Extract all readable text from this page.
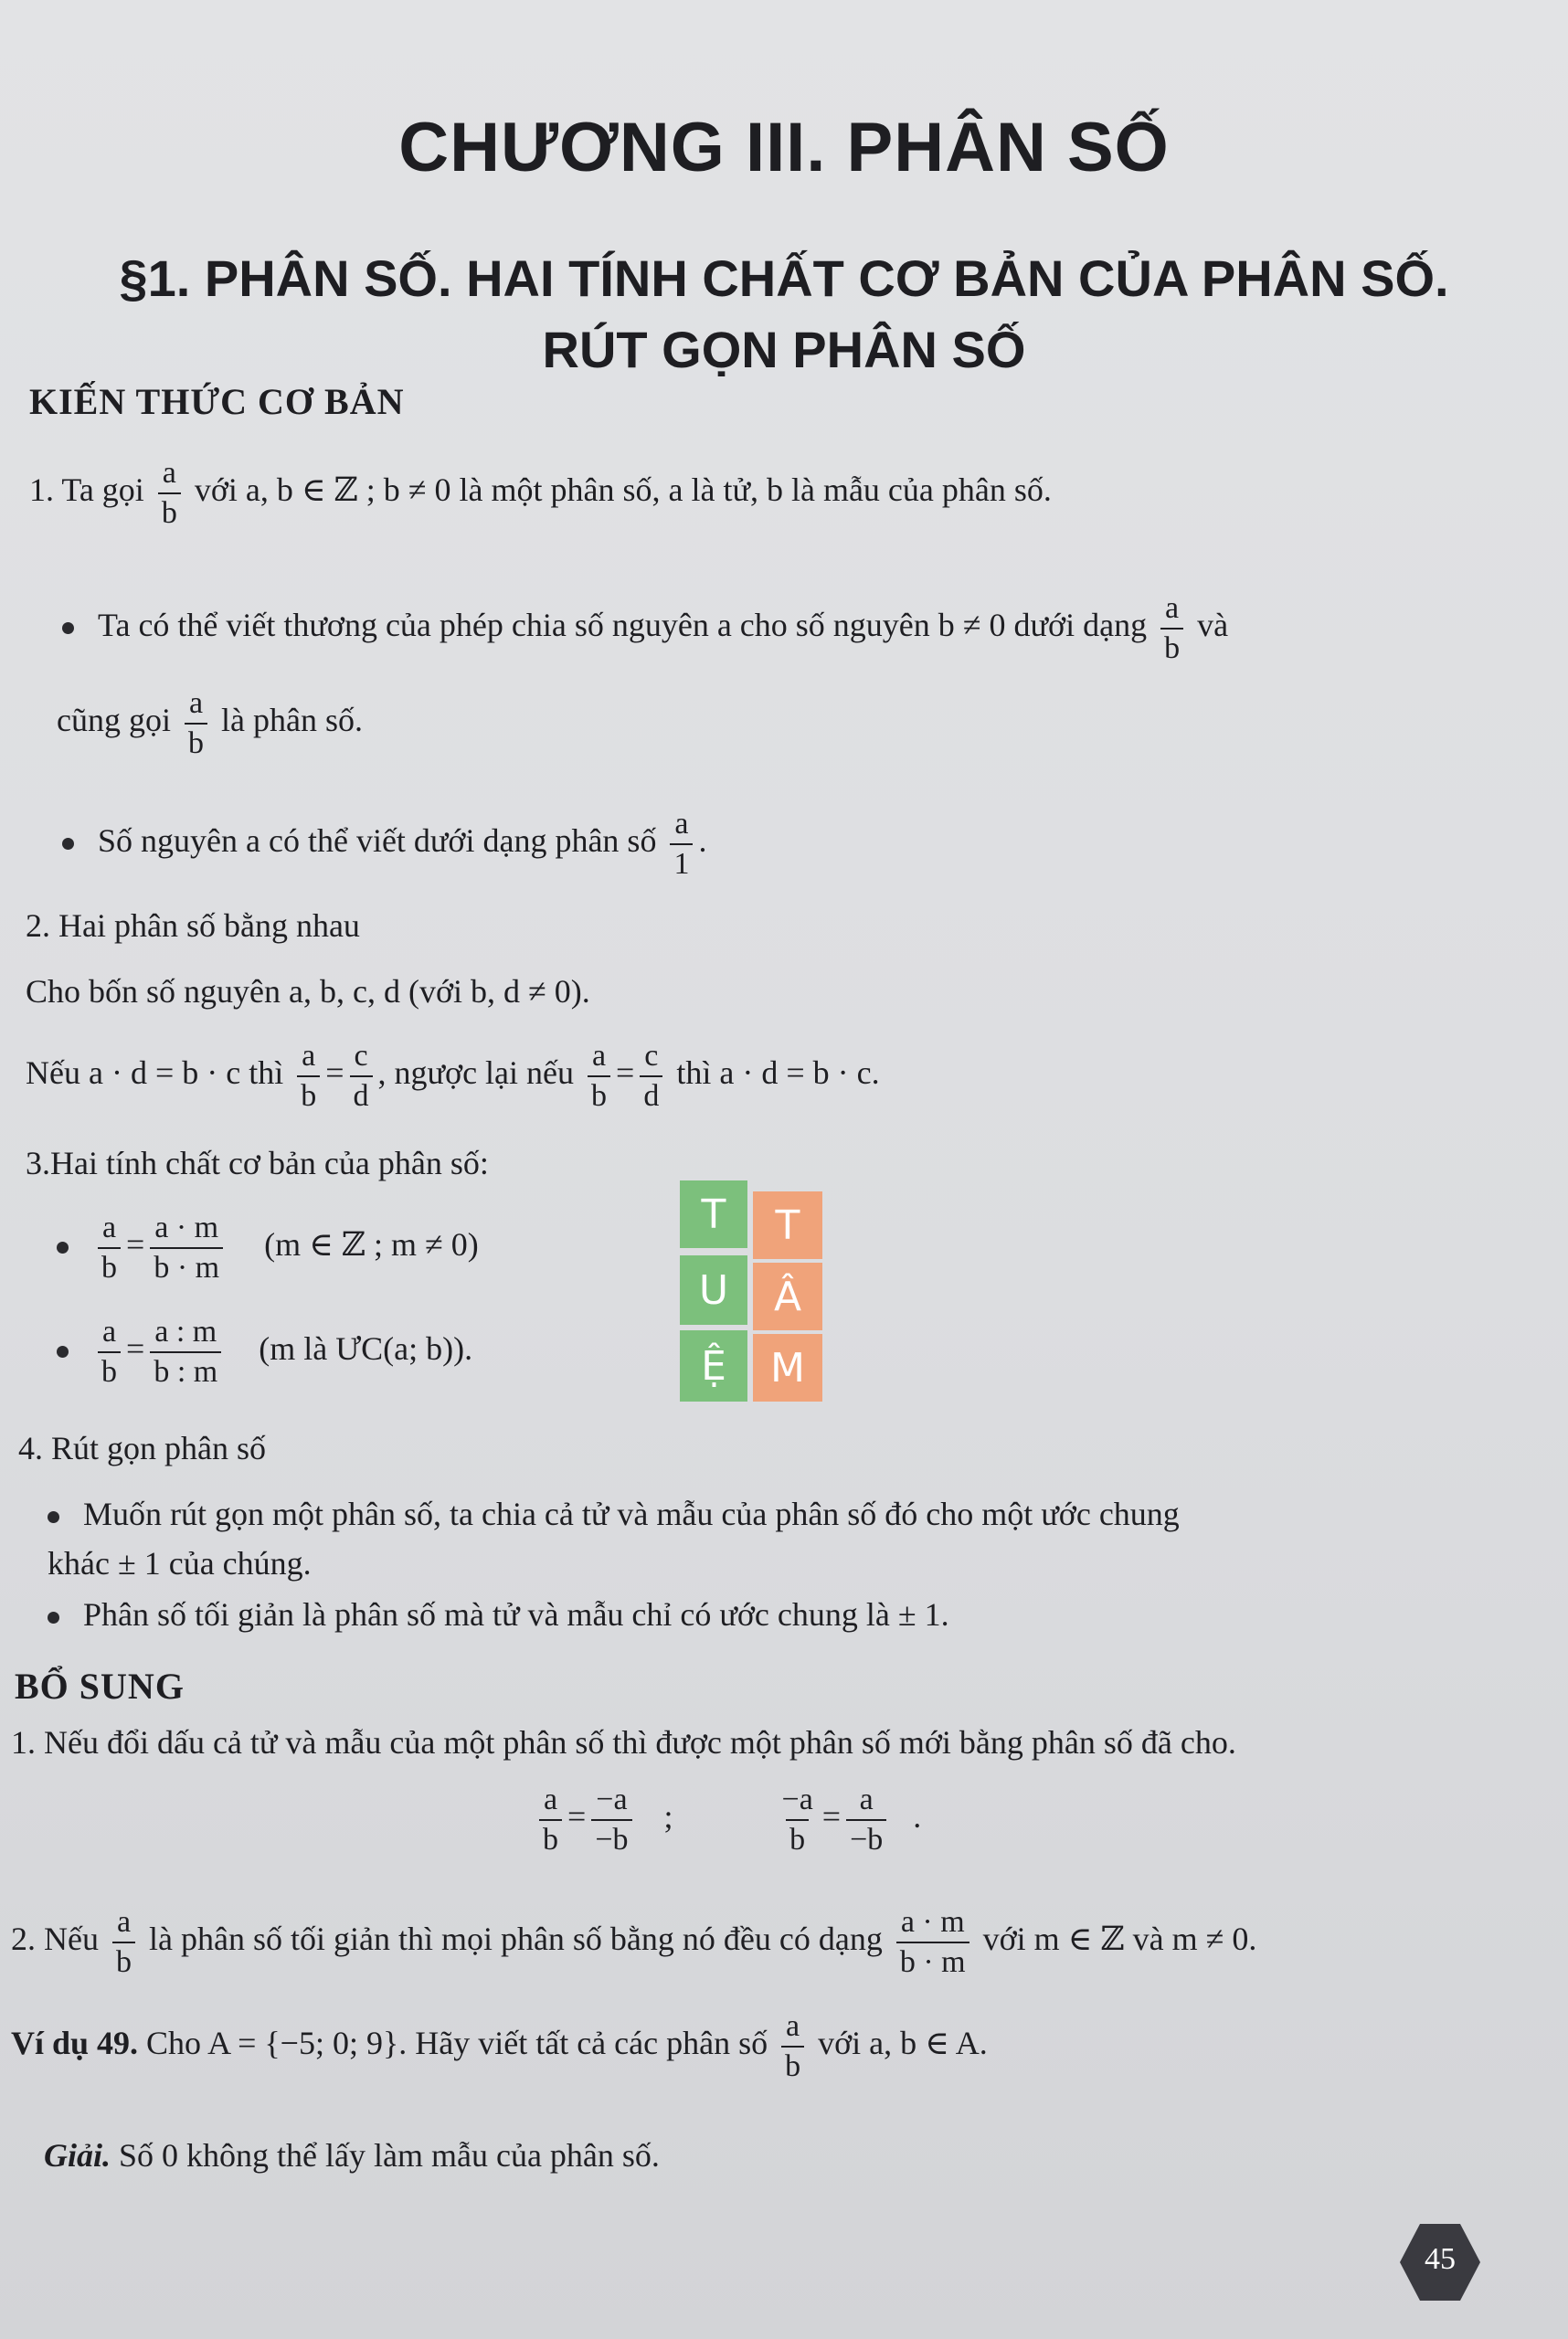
CHƯƠNG III. PHÂN SỐ
§1. PHÂN SỐ. HAI TÍNH CHẤT CƠ BẢN CỦA PHÂN SỐ.
RÚT GỌN PHÂN SỐ
KIẾN THỨC CƠ BẢN
1. Ta gọi $\frac{a}{b}$ với a, b ∈ ℤ ; b ≠ 0 là một phân số, a là tử, b là mẫu của phân số.
Ta có thể viết thương của phép chia số nguyên a cho số nguyên b ≠ 0 dưới dạng $\frac{a}{b}$ và
cũng gọi $\frac{a}{b}$ là phân số.
Số nguyên a có thể viết dưới dạng phân số $\frac{a}{1}$ .
2. Hai phân số bằng nhau
Cho bốn số nguyên a, b, c, d (với b, d ≠ 0).
Nếu a · d = b · c thì $\frac{a}{b} = \frac{c}{d}$ , ngược lại nếu $\frac{a}{b} = \frac{c}{d}$ thì a · d = b · c.
3.Hai tính chất cơ bản của phân số:
$\frac{a}{b} = \frac{a \cdot m}{b \cdot m} (m$ ∈ ℤ ; m ≠ 0)
$\frac{a}{b} = \frac{a : m}{b : m} (m$ là ƯC(a; b)).
T	T
U	Â
Ệ	M
4. Rút gọn phân số
Muốn rút gọn một phân số, ta chia cả tử và mẫu của phân số đó cho một ước chung
khác ± 1 của chúng.
Phân số tối giản là phân số mà tử và mẫu chỉ có ước chung là ± 1.
BỔ SUNG
1. Nếu đổi dấu cả tử và mẫu của một phân số thì được một phân số mới bằng phân số đã cho.
$\frac{a}{b} = \frac{-a}{-b}$ ;	$\frac{-a}{b} = \frac{a}{-b}$ .
2. Nếu $\frac{a}{b}$ là phân số tối giản thì mọi phân số bằng nó đều có dạng $\frac{a \cdot m}{b \cdot m}$ với m ∈ ℤ và m ≠ 0.
Ví dụ 49. Cho A = {−5; 0; 9}. Hãy viết tất cả các phân số $\frac{a}{b}$ với a, b ∈ A.
Giải. Số 0 không thể lấy làm mẫu của phân số.
45
